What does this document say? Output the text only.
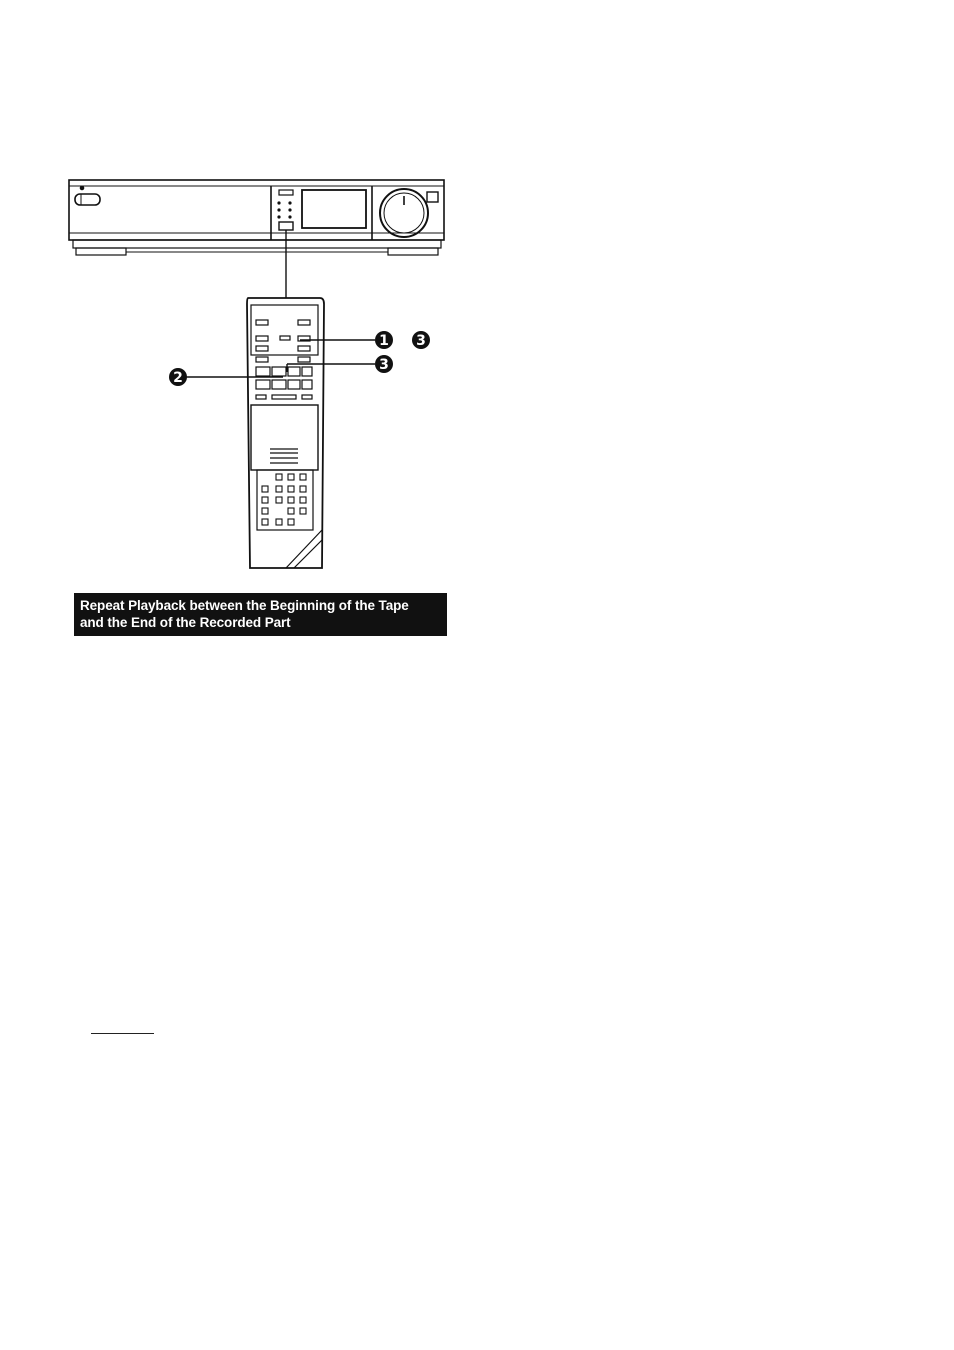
1 3
3
2
Repeat Playback between the Beginning of the Tape
and the End of the Recorded Part
